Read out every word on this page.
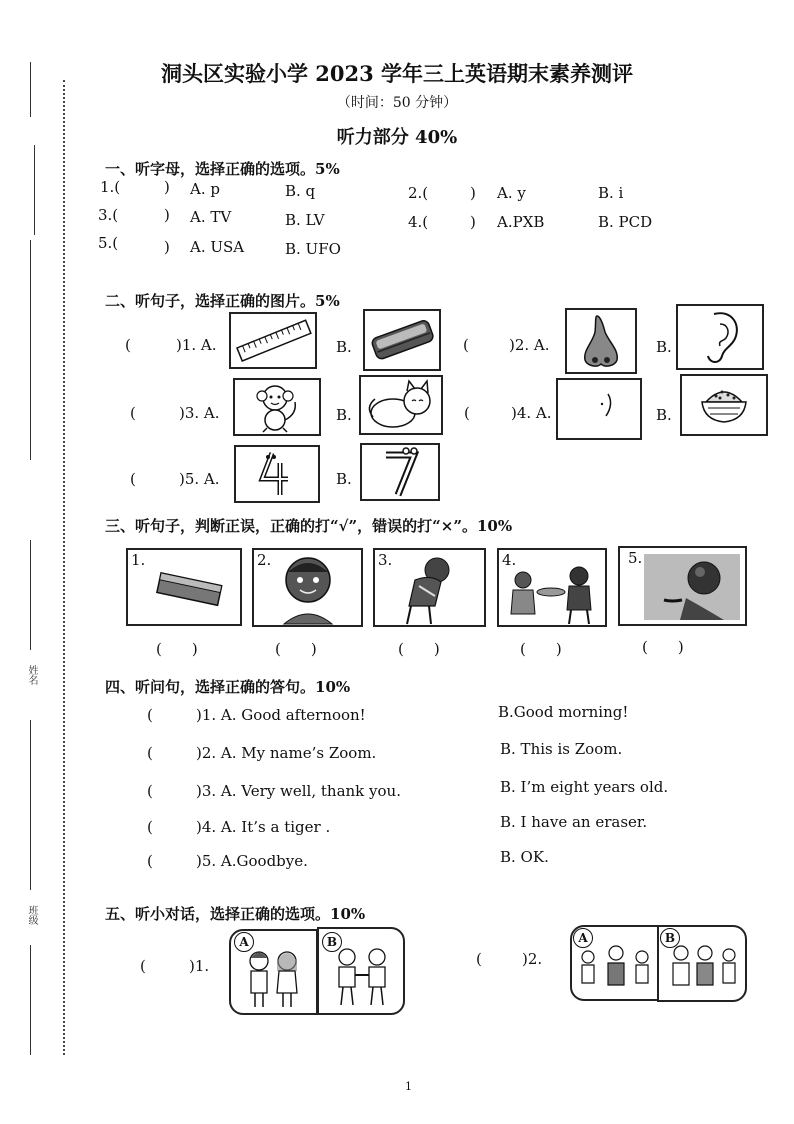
姓名
班级
洞头区实验小学 2023 学年三上英语期末素养测评
（时间：50 分钟）
听力部分 40%
一、听字母，选择正确的选项。5%
1.(	) A. p	B. q	2.(	) A. y	B. i
3.(	) A. TV	B. LV	4.(	) A.PXB	B. PCD
5.(	) A. USA	B. UFO
二、听句子，选择正确的图片。5%
(	)1. A.	B.	(	)2. A.	B.
(	)3. A.	B.	(	)4. A.	B.
(	)5. A.	B.
三、听句子，判断正误，正确的打“√”，错误的打“×”。10%
1.	2.	3.	4.	5.
(　　)	(　　)	(　　)	(　　)	(　　)
四、听问句，选择正确的答句。10%
(	)1. A. Good afternoon!	B.Good morning!
(	)2. A. My name’s Zoom.	B. This is Zoom.
(	)3. A. Very well, thank you.	B. I’m eight years old.
(	)4. A. It’s a tiger .	B. I have an eraser.
(	)5. A.Goodbye.	B. OK.
五、听小对话，选择正确的选项。10%
(	)1.
A	B
(	)2.
A	B
1
